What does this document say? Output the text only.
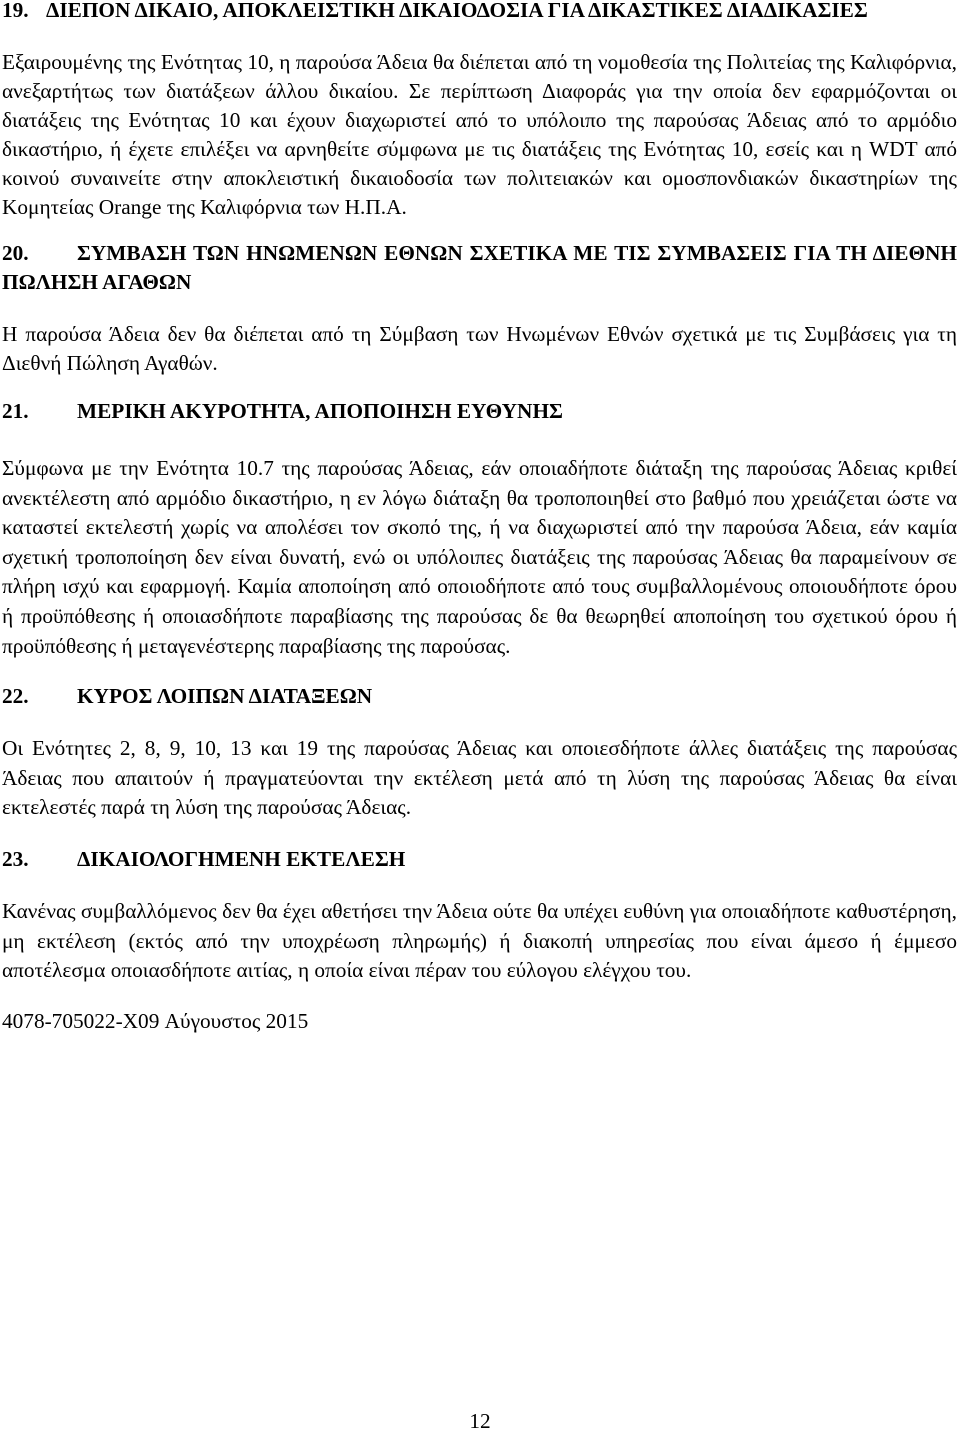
19. ΔΙΕΠΟΝ ΔΙΚΑΙΟ, ΑΠΟΚΛΕΙΣΤΙΚΗ ΔΙΚΑΙΟΔΟΣΙΑ ΓΙΑ ΔΙΚΑΣΤΙΚΕΣ ΔΙΑΔΙΚΑΣΙΕΣ

Εξαιρουμένης της Ενότητας 10, η παρούσα Άδεια θα διέπεται από τη νομοθεσία της Πολιτείας της Καλιφόρνια, ανεξαρτήτως των διατάξεων άλλου δικαίου. Σε περίπτωση Διαφοράς για την οποία δεν εφαρμόζονται οι διατάξεις της Ενότητας 10 και έχουν διαχωριστεί από το υπόλοιπο της παρούσας Άδειας από το αρμόδιο δικαστήριο, ή έχετε επιλέξει να αρνηθείτε σύμφωνα με τις διατάξεις της Ενότητας 10, εσείς και η WDT από κοινού συναινείτε στην αποκλειστική δικαιοδοσία των πολιτειακών και ομοσπονδιακών δικαστηρίων της Κομητείας Orange της Καλιφόρνια των Η.Π.Α.

20.	ΣΥΜΒΑΣΗ ΤΩΝ ΗΝΩΜΕΝΩΝ ΕΘΝΩΝ ΣΧΕΤΙΚΑ ΜΕ ΤΙΣ ΣΥΜΒΑΣΕΙΣ ΓΙΑ ΤΗ ΔΙΕΘΝΗ ΠΩΛΗΣΗ ΑΓΑΘΩΝ

Η παρούσα Άδεια δεν θα διέπεται από τη Σύμβαση των Ηνωμένων Εθνών σχετικά με τις Συμβάσεις για τη Διεθνή Πώληση Αγαθών.

21.	ΜΕΡΙΚΗ ΑΚΥΡΟΤΗΤΑ, ΑΠΟΠΟΙΗΣΗ ΕΥΘΥΝΗΣ

Σύμφωνα με την Ενότητα 10.7 της παρούσας Άδειας, εάν οποιαδήποτε διάταξη της παρούσας Άδειας κριθεί ανεκτέλεστη από αρμόδιο δικαστήριο, η εν λόγω διάταξη θα τροποποιηθεί στο βαθμό που χρειάζεται ώστε να καταστεί εκτελεστή χωρίς να απολέσει τον σκοπό της, ή να διαχωριστεί από την παρούσα Άδεια, εάν καμία σχετική τροποποίηση δεν είναι δυνατή, ενώ οι υπόλοιπες διατάξεις της παρούσας Άδειας θα παραμείνουν σε πλήρη ισχύ και εφαρμογή. Καμία αποποίηση από οποιοδήποτε από τους συμβαλλομένους οποιουδήποτε όρου ή προϋπόθεσης ή οποιασδήποτε παραβίασης της παρούσας δε θα θεωρηθεί αποποίηση του σχετικού όρου ή προϋπόθεσης ή μεταγενέστερης παραβίασης της παρούσας.

22.	ΚΥΡΟΣ ΛΟΙΠΩΝ ΔΙΑΤΑΞΕΩΝ

Οι Ενότητες 2, 8, 9, 10, 13 και 19 της παρούσας Άδειας και οποιεσδήποτε άλλες διατάξεις της παρούσας Άδειας που απαιτούν ή πραγματεύονται την εκτέλεση μετά από τη λύση της παρούσας Άδειας θα είναι εκτελεστές παρά τη λύση της παρούσας Άδειας.

23.	ΔΙΚΑΙΟΛΟΓΗΜΕΝΗ ΕΚΤΕΛΕΣΗ

Κανένας συμβαλλόμενος δεν θα έχει αθετήσει την Άδεια ούτε θα υπέχει ευθύνη για οποιαδήποτε καθυστέρηση, μη εκτέλεση (εκτός από την υποχρέωση πληρωμής) ή διακοπή υπηρεσίας που είναι άμεσο ή έμμεσο αποτέλεσμα οποιασδήποτε αιτίας, η οποία είναι πέραν του εύλογου ελέγχου του.

4078-705022-X09 Αύγουστος 2015

12
